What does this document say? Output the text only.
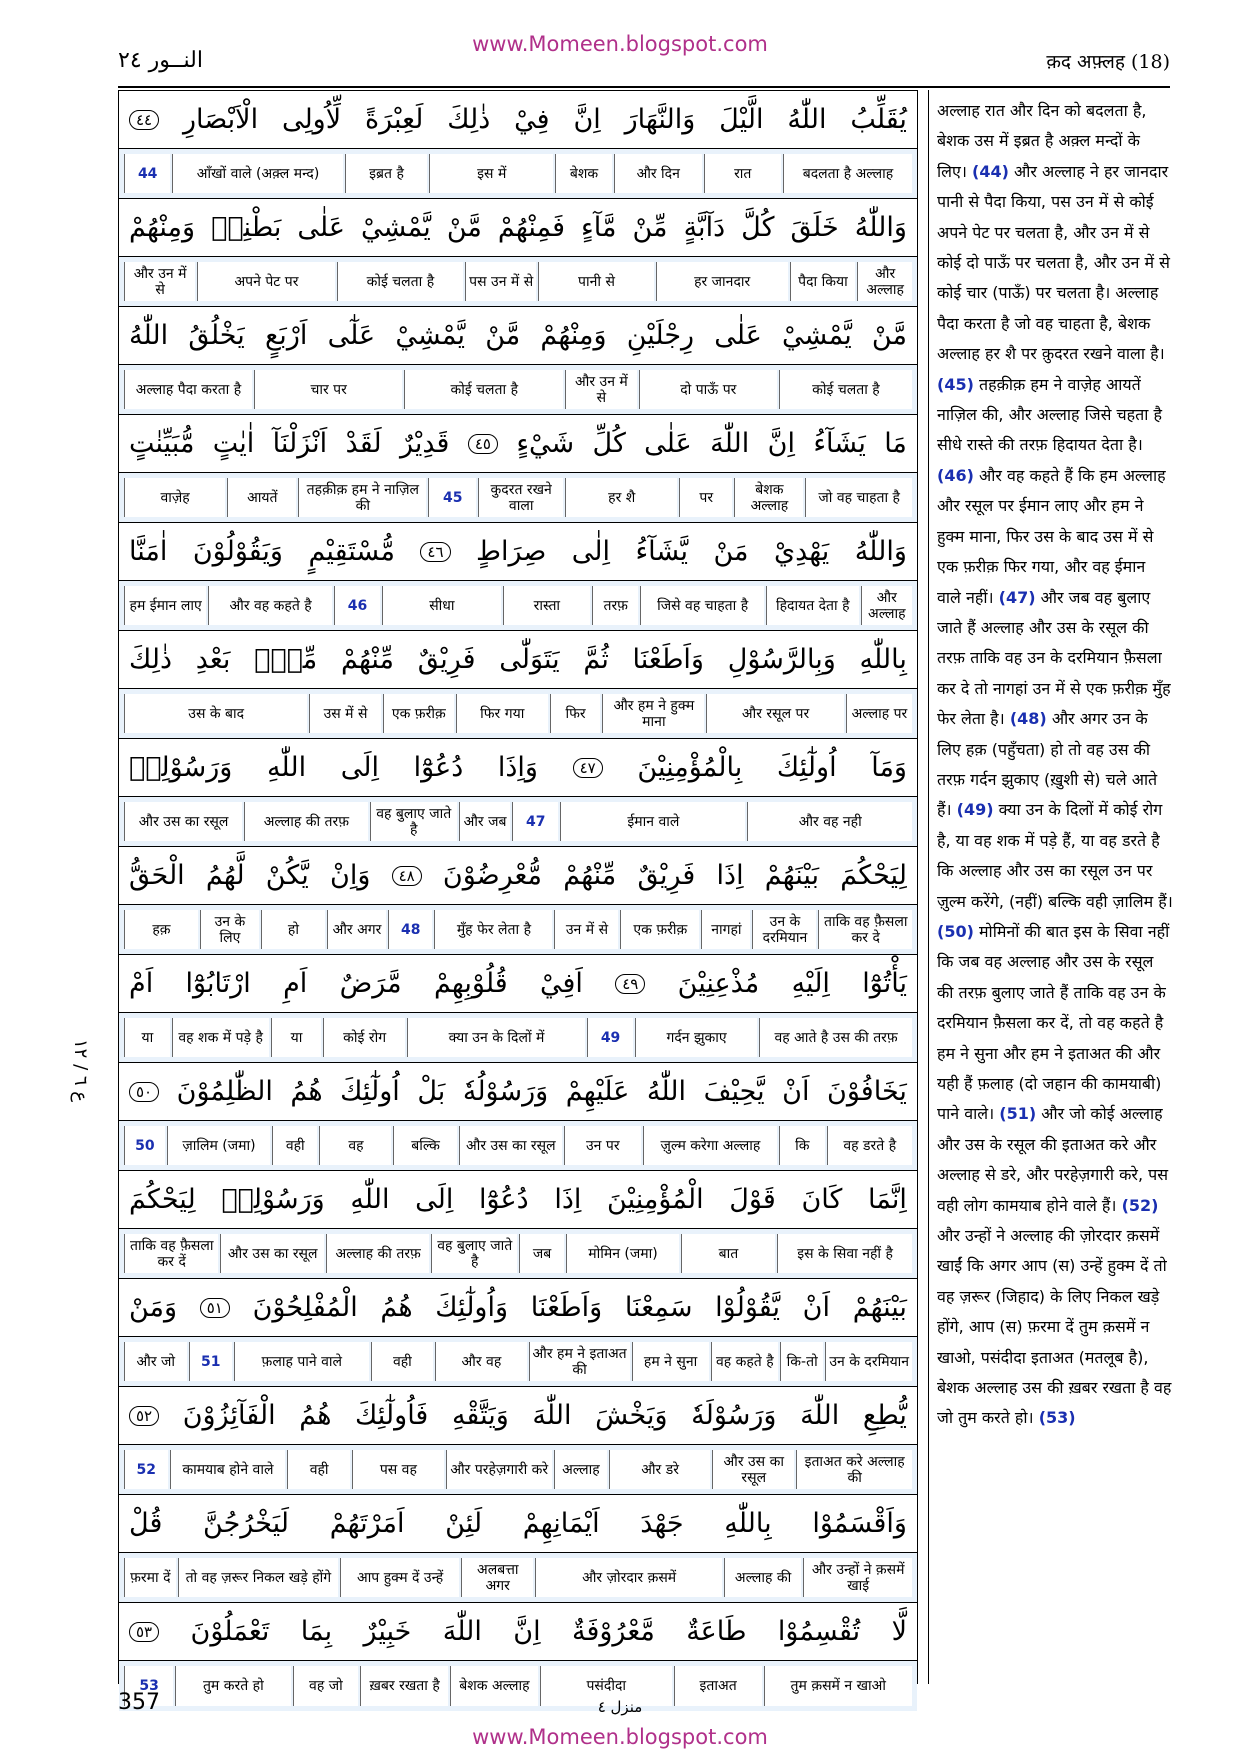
www.Momeen.blogspot.com
النــور ٢٤	क़द अफ़्लह (18)
ع ٦ / ١٢
يُقَلِّبُ
اللّٰهُ
الَّيْلَ
وَالنَّهَارَ
اِنَّ
فِيْ
ذٰلِكَ
لَعِبْرَةً
لِّاُولِى
الْاَبْصَارِ
٤٤
बदलता है अल्लाह
रात
और दिन
बेशक
इस में
इब्रत है
आँखों वाले (अक़्ल मन्द)
44
وَاللّٰهُ
خَلَقَ
كُلَّ
دَآبَّةٍ
مِّنْ
مَّآءٍ
فَمِنْهُمْ
مَّنْ
يَّمْشِيْ
عَلٰى
بَطْنِهٖ
وَمِنْهُمْ
और अल्लाह
पैदा किया
हर जानदार
पानी से
पस उन में से
कोई चलता है
अपने पेट पर
और उन में से
مَّنْ
يَّمْشِيْ
عَلٰى
رِجْلَيْنِ
وَمِنْهُمْ
مَّنْ
يَّمْشِيْ
عَلٰٓى
اَرْبَعٍ
يَخْلُقُ
اللّٰهُ
कोई चलता है
दो पाऊँ पर
और उन में से
कोई चलता है
चार पर
अल्लाह पैदा करता है
مَا
يَشَآءُ
اِنَّ
اللّٰهَ
عَلٰى
كُلِّ
شَيْءٍ
٤٥
قَدِيْرٌ
لَقَدْ
اَنْزَلْنَآ
اٰيٰتٍ
مُّبَيِّنٰتٍ
जो वह चाहता है
बेशक अल्लाह
पर
हर शै
कुदरत रखने वाला
45
तहक़ीक़ हम ने नाज़िल की
आयतें
वाज़ेह
وَاللّٰهُ
يَهْدِيْ
مَنْ
يَّشَآءُ
اِلٰى
صِرَاطٍ
٤٦
مُّسْتَقِيْمٍ
وَيَقُوْلُوْنَ
اٰمَنَّا
और अल्लाह
हिदायत देता है
जिसे वह चाहता है
तरफ़
रास्ता
सीधा
46
और वह कहते है
हम ईमान लाए
بِاللّٰهِ
وَبِالرَّسُوْلِ
وَاَطَعْنَا
ثُمَّ
يَتَوَلّٰى
فَرِيْقٌ
مِّنْهُمْ
مِّنْۢ
بَعْدِ
ذٰلِكَ
अल्लाह पर
और रसूल पर
और हम ने हुक्म माना
फिर
फिर गया
एक फ़रीक़
उस में से
उस के बाद
وَمَآ
اُولٰٓئِكَ
بِالْمُؤْمِنِيْنَ
٤٧
وَاِذَا
دُعُوْٓا
اِلَى
اللّٰهِ
وَرَسُوْلِهٖ
और वह नही
ईमान वाले
47
और जब
वह बुलाए जाते है
अल्लाह की तरफ़
और उस का रसूल
لِيَحْكُمَ
بَيْنَهُمْ
اِذَا
فَرِيْقٌ
مِّنْهُمْ
مُّعْرِضُوْنَ
٤٨
وَاِنْ
يَّكُنْ
لَّهُمُ
الْحَقُّ
ताकि वह फ़ैसला कर दे
उन के दरमियान
नागहां
एक फ़रीक़
उन में से
मुँह फेर लेता है
48
और अगर
हो
उन के लिए
हक़
يَأْتُوْٓا
اِلَيْهِ
مُذْعِنِيْنَ
٤٩
اَفِيْ
قُلُوْبِهِمْ
مَّرَضٌ
اَمِ
ارْتَابُوْٓا
اَمْ
वह आते है उस की तरफ़
गर्दन झुकाए
49
क्या उन के दिलों में
कोई रोग
या
वह शक में पड़े है
या
يَخَافُوْنَ
اَنْ
يَّحِيْفَ
اللّٰهُ
عَلَيْهِمْ
وَرَسُوْلُهٗ
بَلْ
اُولٰٓئِكَ
هُمُ
الظّٰلِمُوْنَ
٥٠
वह डरते है
कि
ज़ुल्म करेगा अल्लाह
उन पर
और उस का रसूल
बल्कि
वह
वही
ज़ालिम (जमा)
50
اِنَّمَا
كَانَ
قَوْلَ
الْمُؤْمِنِيْنَ
اِذَا
دُعُوْٓا
اِلَى
اللّٰهِ
وَرَسُوْلِهٖ
لِيَحْكُمَ
इस के सिवा नहीं है
बात
मोमिन (जमा)
जब
वह बुलाए जाते है
अल्लाह की तरफ़
और उस का रसूल
ताकि वह फ़ैसला कर दें
بَيْنَهُمْ
اَنْ
يَّقُوْلُوْا
سَمِعْنَا
وَاَطَعْنَا
وَاُولٰٓئِكَ
هُمُ
الْمُفْلِحُوْنَ
٥١
وَمَنْ
उन के दरमियान
कि-तो
वह कहते है
हम ने सुना
और हम ने इताअत की
और वह
वही
फ़लाह पाने वाले
51
और जो
يُّطِعِ
اللّٰهَ
وَرَسُوْلَهٗ
وَيَخْشَ
اللّٰهَ
وَيَتَّقْهِ
فَاُولٰٓئِكَ
هُمُ
الْفَآئِزُوْنَ
٥٢
इताअत करे अल्लाह की
और उस का रसूल
और डरे
अल्लाह
और परहेज़गारी करे
पस वह
वही
कामयाब होने वाले
52
وَاَقْسَمُوْا
بِاللّٰهِ
جَهْدَ
اَيْمَانِهِمْ
لَئِنْ
اَمَرْتَهُمْ
لَيَخْرُجُنَّ
قُلْ
और उन्हों ने क़समें खाई
अल्लाह की
और ज़ोरदार क़समें
अलबत्ता अगर
आप हुक्म दें उन्हें
तो वह ज़रूर निकल खड़े होंगे
फ़रमा दें
لَّا
تُقْسِمُوْا
طَاعَةٌ
مَّعْرُوْفَةٌ
اِنَّ
اللّٰهَ
خَبِيْرٌ
بِمَا
تَعْمَلُوْنَ
٥٣
तुम क़समें न खाओ
इताअत
पसंदीदा
बेशक अल्लाह
ख़बर रखता है
वह जो
तुम करते हो
53
अल्लाह रात और दिन को बदलता है, बेशक उस में इब्रत है अक़्ल मन्दों के लिए। (44) और अल्लाह ने हर जानदार पानी से पैदा किया, पस उन में से कोई अपने पेट पर चलता है, और उन में से कोई दो पाऊँ पर चलता है, और उन में से कोई चार (पाऊँ) पर चलता है। अल्लाह पैदा करता है जो वह चाहता है, बेशक अल्लाह हर शै पर क़ुदरत रखने वाला है। (45) तहक़ीक़ हम ने वाज़ेह आयतें नाज़िल की, और अल्लाह जिसे चहता है सीधे रास्ते की तरफ़ हिदायत देता है। (46) और वह कहते हैं कि हम अल्लाह और रसूल पर ईमान लाए और हम ने हुक्म माना, फिर उस के बाद उस में से एक फ़रीक़ फिर गया, और वह ईमान वाले नहीं। (47) और जब वह बुलाए जाते हैं अल्लाह और उस के रसूल की तरफ़ ताकि वह उन के दरमियान फ़ैसला कर दे तो नागहां उन में से एक फ़रीक़ मुँह फेर लेता है। (48) और अगर उन के लिए हक़ (पहुँचता) हो तो वह उस की तरफ़ गर्दन झुकाए (ख़ुशी से) चले आते हैं। (49) क्या उन के दिलों में कोई रोग है, या वह शक में पड़े हैं, या वह डरते है कि अल्लाह और उस का रसूल उन पर ज़ुल्म करेंगे, (नहीं) बल्कि वही ज़ालिम हैं। (50) मोमिनों की बात इस के सिवा नहीं कि जब वह अल्लाह और उस के रसूल की तरफ़ बुलाए जाते हैं ताकि वह उन के दरमियान फ़ैसला कर दें, तो वह कहते है हम ने सुना और हम ने इताअत की और यही हैं फ़लाह (दो जहान की कामयाबी) पाने वाले। (51) और जो कोई अल्लाह और उस के रसूल की इताअत करे और अल्लाह से डरे, और परहेज़गारी करे, पस वही लोग कामयाब होने वाले हैं। (52) और उन्हों ने अल्लाह की ज़ोरदार क़समें खाईं कि अगर आप (स) उन्हें हुक्म दें तो वह ज़रूर (जिहाद) के लिए निकल खड़े होंगे, आप (स) फ़रमा दें तुम क़समें न खाओ, पसंदीदा इताअत (मतलूब है), बेशक अल्लाह उस की ख़बर रखता है वह जो तुम करते हो। (53)
357	منزل ٤
www.Momeen.blogspot.com
